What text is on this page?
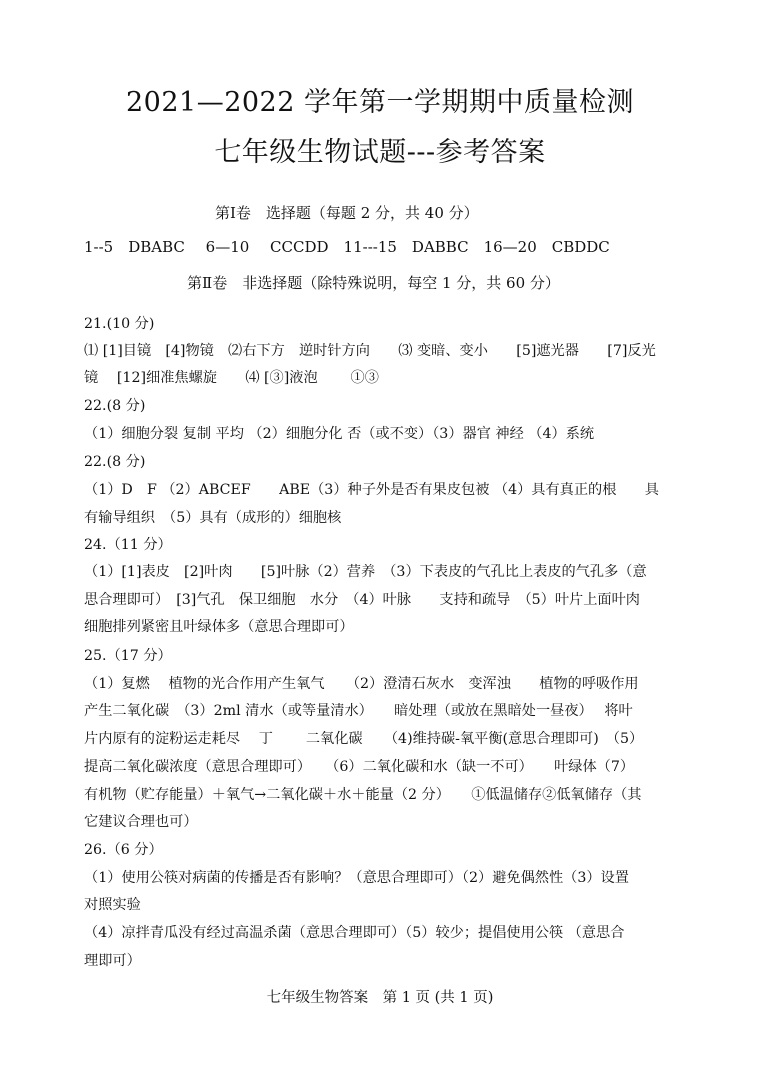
2021—2022 学年第一学期期中质量检测
七年级生物试题---参考答案
第Ⅰ卷　选择题（每题 2 分，共 40 分）
1--5　DBABC　 6—10　 CCCDD　11---15　DABBC　16—20　CBDDC
第Ⅱ卷　非选择题（除特殊说明，每空 1 分，共 60 分）
21.(10 分)
⑴ [1]目镜　[4]物镜　⑵右下方　逆时针方向　　⑶ 变暗、变小　　[5]遮光器　　[7]反光
镜　 [12]细准焦螺旋　　⑷ [③]液泡　　 ①③
22.(8 分)
（1）细胞分裂 复制 平均 （2）细胞分化 否（或不变）（3）器官 神经 （4）系统
22.(8 分)
（1）D　F （2）ABCEF　　ABE（3）种子外是否有果皮包被 （4）具有真正的根　　具
有输导组织　（5）具有（成形的）细胞核
24.（11 分）
（1）[1]表皮　[2]叶肉　　[5]叶脉（2）营养　（3）下表皮的气孔比上表皮的气孔多（意
思合理即可）　[3]气孔　保卫细胞　水分　（4）叶脉　　支持和疏导　（5）叶片上面叶肉
细胞排列紧密且叶绿体多（意思合理即可）
25.（17 分）
（1）复燃　 植物的光合作用产生氧气　　（2）澄清石灰水　变浑浊　　植物的呼吸作用
产生二氧化碳　（3）2ml 清水（或等量清水）　　暗处理（或放在黑暗处一昼夜）　 将叶
片内原有的淀粉运走耗尽　 丁　　 二氧化碳　　（4)维持碳-氧平衡(意思合理即可)　（5）
提高二氧化碳浓度（意思合理即可）　　（6）二氧化碳和水（缺一不可）　　叶绿体（7）
有机物（贮存能量）＋氧气→二氧化碳＋水＋能量（2 分）　　①低温储存②低氧储存（其
它建议合理也可）
26.（6 分）
（1）使用公筷对病菌的传播是否有影响？（意思合理即可）（2）避免偶然性（3）设置
对照实验
（4）凉拌青瓜没有经过高温杀菌（意思合理即可）（5）较少；提倡使用公筷 （意思合
理即可）
七年级生物答案　第 1 页 (共 1 页)
